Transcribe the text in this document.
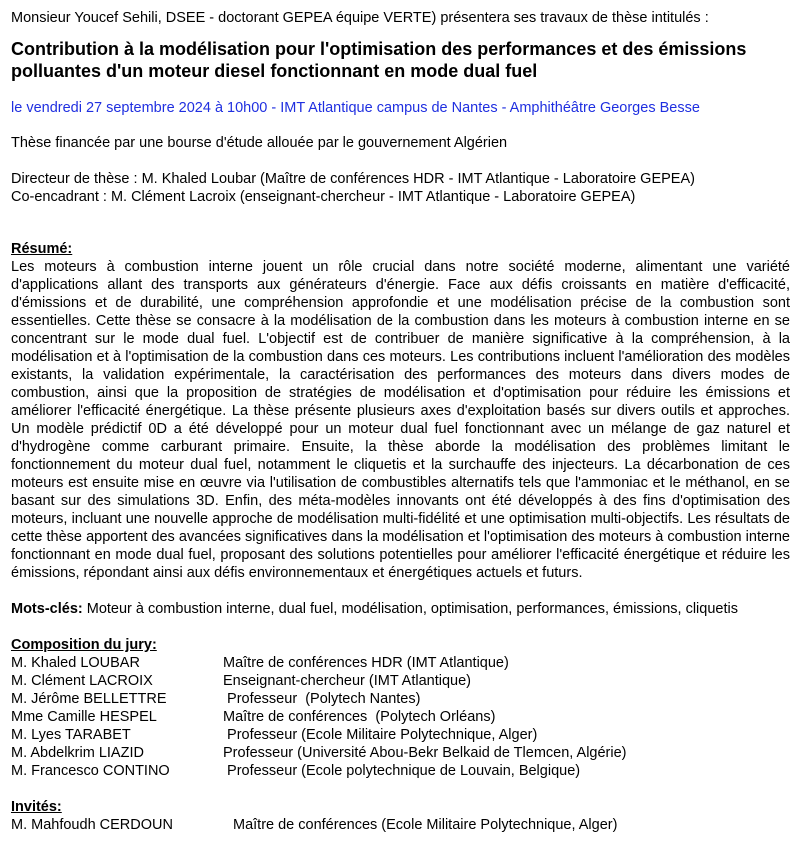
Monsieur Youcef Sehili, DSEE - doctorant GEPEA équipe VERTE) présentera ses travaux de thèse intitulés :

Contribution à la modélisation pour l'optimisation des performances et des émissions polluantes d'un moteur diesel fonctionnant en mode dual fuel

le vendredi 27 septembre 2024 à 10h00 - IMT Atlantique campus de Nantes - Amphithéâtre Georges Besse

Thèse financée par une bourse d'étude allouée par le gouvernement Algérien

Directeur de thèse : M. Khaled Loubar (Maître de conférences HDR - IMT Atlantique - Laboratoire GEPEA)
Co-encadrant : M. Clément Lacroix (enseignant-chercheur - IMT Atlantique - Laboratoire GEPEA)
Résumé:

Les moteurs à combustion interne jouent un rôle crucial dans notre société moderne, alimentant une variété d'applications allant des transports aux générateurs d'énergie. Face aux défis croissants en matière d'efficacité, d'émissions et de durabilité, une compréhension approfondie et une modélisation précise de la combustion sont essentielles. Cette thèse se consacre à la modélisation de la combustion dans les moteurs à combustion interne en se concentrant sur le mode dual fuel. L'objectif est de contribuer de manière significative à la compréhension, à la modélisation et à l'optimisation de la combustion dans ces moteurs. Les contributions incluent l'amélioration des modèles existants, la validation expérimentale, la caractérisation des performances des moteurs dans divers modes de combustion, ainsi que la proposition de stratégies de modélisation et d'optimisation pour réduire les émissions et améliorer l'efficacité énergétique. La thèse présente plusieurs axes d'exploitation basés sur divers outils et approches. Un modèle prédictif 0D a été développé pour un moteur dual fuel fonctionnant avec un mélange de gaz naturel et d'hydrogène comme carburant primaire. Ensuite, la thèse aborde la modélisation des problèmes limitant le fonctionnement du moteur dual fuel, notamment le cliquetis et la surchauffe des injecteurs. La décarbonation de ces moteurs est ensuite mise en œuvre via l'utilisation de combustibles alternatifs tels que l'ammoniac et le méthanol, en se basant sur des simulations 3D. Enfin, des méta-modèles innovants ont été développés à des fins d'optimisation des moteurs, incluant une nouvelle approche de modélisation multi-fidélité et une optimisation multi-objectifs. Les résultats de cette thèse apportent des avancées significatives dans la modélisation et l'optimisation des moteurs à combustion interne fonctionnant en mode dual fuel, proposant des solutions potentielles pour améliorer l'efficacité énergétique et réduire les émissions, répondant ainsi aux défis environnementaux et énergétiques actuels et futurs.

Mots-clés: Moteur à combustion interne, dual fuel, modélisation, optimisation, performances, émissions, cliquetis

Composition du jury:
M. Khaled LOUBAR	Maître de conférences HDR (IMT Atlantique)
M. Clément LACROIX	Enseignant-chercheur (IMT Atlantique)
M. Jérôme BELLETTRE	Professeur  (Polytech Nantes)
Mme Camille HESPEL	Maître de conférences  (Polytech Orléans)
M. Lyes TARABET	Professeur (Ecole Militaire Polytechnique, Alger)
M. Abdelkrim LIAZID	Professeur (Université Abou-Bekr Belkaid de Tlemcen, Algérie)
M. Francesco CONTINO	Professeur (Ecole polytechnique de Louvain, Belgique)
Invités:
M. Mahfoudh CERDOUN	Maître de conférences (Ecole Militaire Polytechnique, Alger)
